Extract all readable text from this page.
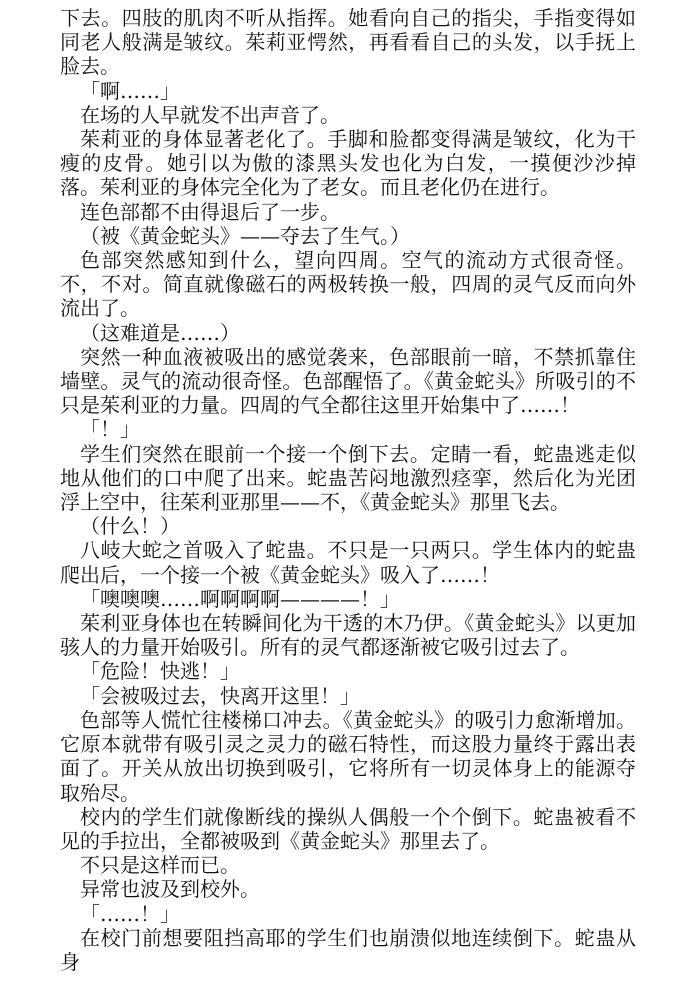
下去。四肢的肌肉不听从指挥。她看向自己的指尖，手指变得如同老人般满是皱纹。茱莉亚愕然，再看看自己的头发，以手抚上脸去。

「啊……」

在场的人早就发不出声音了。

茱莉亚的身体显著老化了。手脚和脸都变得满是皱纹，化为干瘦的皮骨。她引以为傲的漆黑头发也化为白发，一摸便沙沙掉落。茱利亚的身体完全化为了老女。而且老化仍在进行。

连色部都不由得退后了一步。

（被《黄金蛇头》——夺去了生气。）

色部突然感知到什么，望向四周。空气的流动方式很奇怪。不，不对。简直就像磁石的两极转换一般，四周的灵气反而向外流出了。

（这难道是……）

突然一种血液被吸出的感觉袭来，色部眼前一暗，不禁抓靠住墙壁。灵气的流动很奇怪。色部醒悟了。《黄金蛇头》所吸引的不只是茱利亚的力量。四周的气全都往这里开始集中了……！

「！」

学生们突然在眼前一个接一个倒下去。定睛一看，蛇蛊逃走似地从他们的口中爬了出来。蛇蛊苦闷地激烈痉挛，然后化为光团浮上空中，往茱利亚那里——不，《黄金蛇头》那里飞去。

（什么！）

八岐大蛇之首吸入了蛇蛊。不只是一只两只。学生体内的蛇蛊爬出后，一个接一个被《黄金蛇头》吸入了……！

「噢噢噢……啊啊啊啊————！」

茱利亚身体也在转瞬间化为干透的木乃伊。《黄金蛇头》以更加骇人的力量开始吸引。所有的灵气都逐渐被它吸引过去了。

「危险！快逃！」

「会被吸过去，快离开这里！」

色部等人慌忙往楼梯口冲去。《黄金蛇头》的吸引力愈渐增加。它原本就带有吸引灵之灵力的磁石特性，而这股力量终于露出表面了。开关从放出切换到吸引，它将所有一切灵体身上的能源夺取殆尽。

校内的学生们就像断线的操纵人偶般一个个倒下。蛇蛊被看不见的手拉出，全都被吸到《黄金蛇头》那里去了。

不只是这样而已。

异常也波及到校外。

「……！」

在校门前想要阻挡高耶的学生们也崩溃似地连续倒下。蛇蛊从身
